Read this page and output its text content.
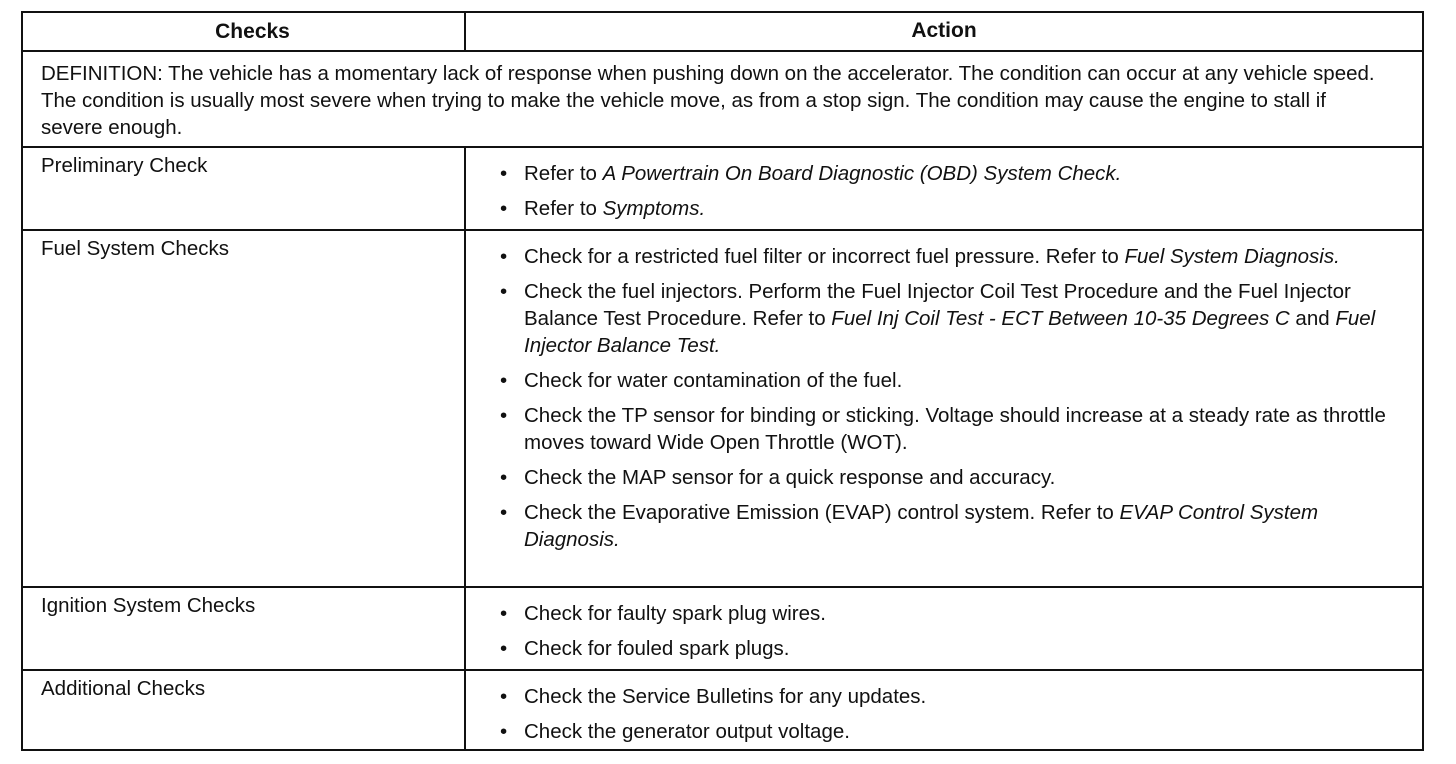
Checks	Action
DEFINITION: The vehicle has a momentary lack of response when pushing down on the accelerator. The condition can occur at any vehicle speed. The condition is usually most severe when trying to make the vehicle move, as from a stop sign. The condition may cause the engine to stall if severe enough.
Preliminary Check	• Refer to A Powertrain On Board Diagnostic (OBD) System Check.
• Refer to Symptoms.
Fuel System Checks	• Check for a restricted fuel filter or incorrect fuel pressure. Refer to Fuel System Diagnosis.
• Check the fuel injectors. Perform the Fuel Injector Coil Test Procedure and the Fuel Injector Balance Test Procedure. Refer to Fuel Inj Coil Test - ECT Between 10-35 Degrees C and Fuel Injector Balance Test.
• Check for water contamination of the fuel.
• Check the TP sensor for binding or sticking. Voltage should increase at a steady rate as throttle moves toward Wide Open Throttle (WOT).
• Check the MAP sensor for a quick response and accuracy.
• Check the Evaporative Emission (EVAP) control system. Refer to EVAP Control System Diagnosis.
Ignition System Checks	• Check for faulty spark plug wires.
• Check for fouled spark plugs.
Additional Checks	• Check the Service Bulletins for any updates.
• Check the generator output voltage.
